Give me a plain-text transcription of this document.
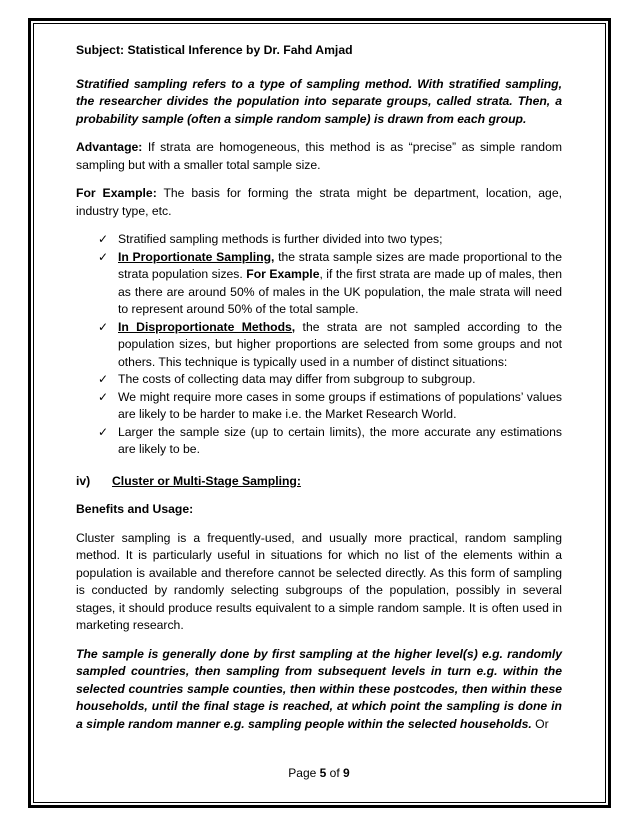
Subject: Statistical Inference by Dr. Fahd Amjad

Stratified sampling refers to a type of sampling method. With stratified sampling, the researcher divides the population into separate groups, called strata. Then, a probability sample (often a simple random sample) is drawn from each group.

Advantage: If strata are homogeneous, this method is as “precise” as simple random sampling but with a smaller total sample size.

For Example: The basis for forming the strata might be department, location, age, industry type, etc.

✓ Stratified sampling methods is further divided into two types;
✓ In Proportionate Sampling, the strata sample sizes are made proportional to the strata population sizes. For Example, if the first strata are made up of males, then as there are around 50% of males in the UK population, the male strata will need to represent around 50% of the total sample.
✓ In Disproportionate Methods, the strata are not sampled according to the population sizes, but higher proportions are selected from some groups and not others. This technique is typically used in a number of distinct situations:
✓ The costs of collecting data may differ from subgroup to subgroup.
✓ We might require more cases in some groups if estimations of populations’ values are likely to be harder to make i.e. the Market Research World.
✓ Larger the sample size (up to certain limits), the more accurate any estimations are likely to be.
iv) Cluster or Multi-Stage Sampling:

Benefits and Usage:

Cluster sampling is a frequently-used, and usually more practical, random sampling method. It is particularly useful in situations for which no list of the elements within a population is available and therefore cannot be selected directly. As this form of sampling is conducted by randomly selecting subgroups of the population, possibly in several stages, it should produce results equivalent to a simple random sample. It is often used in marketing research.

The sample is generally done by first sampling at the higher level(s) e.g. randomly sampled countries, then sampling from subsequent levels in turn e.g. within the selected countries sample counties, then within these postcodes, then within these households, until the final stage is reached, at which point the sampling is done in a simple random manner e.g. sampling people within the selected households. Or

Page 5 of 9
